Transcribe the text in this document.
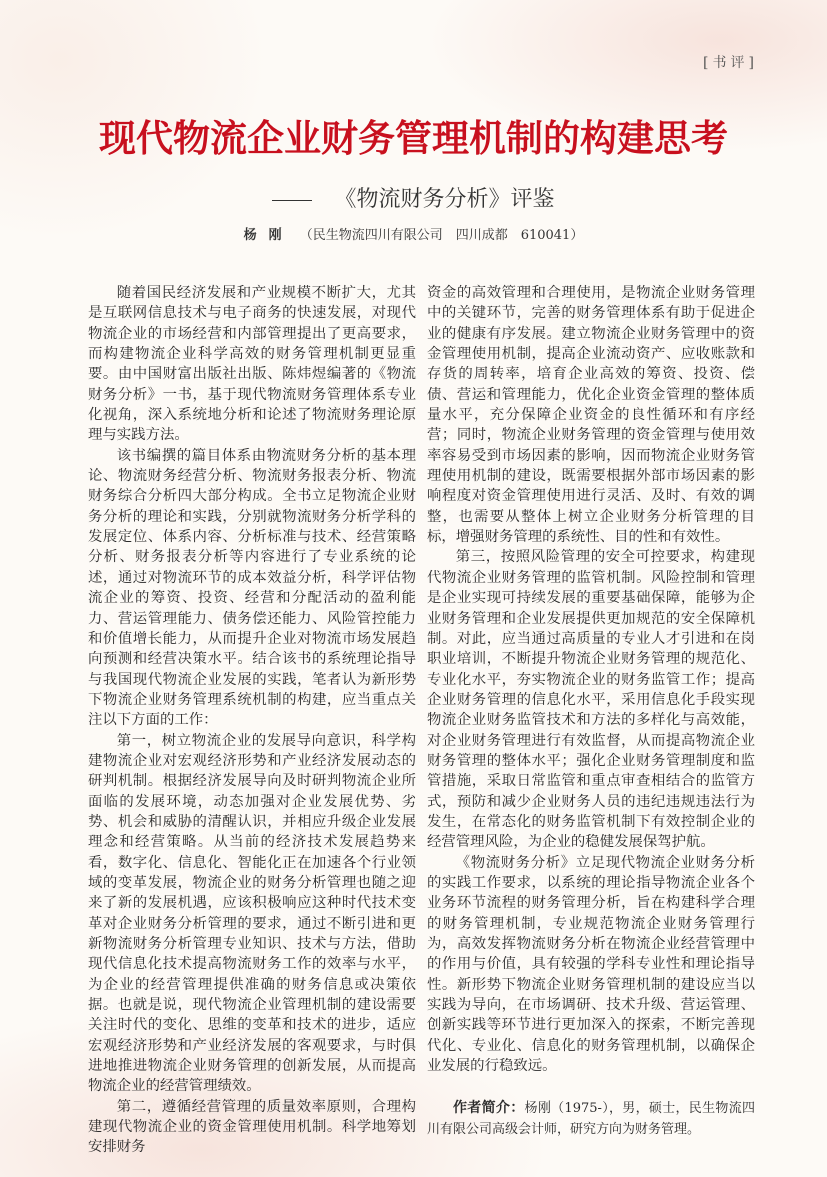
[书评]
现代物流企业财务管理机制的构建思考
《物流财务分析》评鉴
杨刚 （民生物流四川有限公司　四川成都　610041）

随着国民经济发展和产业规模不断扩大，尤其是互联网信息技术与电子商务的快速发展，对现代物流企业的市场经营和内部管理提出了更高要求，而构建物流企业科学高效的财务管理机制更显重要。由中国财富出版社出版、陈炜煜编著的《物流财务分析》一书，基于现代物流财务管理体系专业化视角，深入系统地分析和论述了物流财务理论原理与实践方法。

该书编撰的篇目体系由物流财务分析的基本理论、物流财务经营分析、物流财务报表分析、物流财务综合分析四大部分构成。全书立足物流企业财务分析的理论和实践，分别就物流财务分析学科的发展定位、体系内容、分析标准与技术、经营策略分析、财务报表分析等内容进行了专业系统的论述，通过对物流环节的成本效益分析，科学评估物流企业的筹资、投资、经营和分配活动的盈利能力、营运管理能力、债务偿还能力、风险管控能力和价值增长能力，从而提升企业对物流市场发展趋向预测和经营决策水平。结合该书的系统理论指导与我国现代物流企业发展的实践，笔者认为新形势下物流企业财务管理系统机制的构建，应当重点关注以下方面的工作：

第一，树立物流企业的发展导向意识，科学构建物流企业对宏观经济形势和产业经济发展动态的研判机制。根据经济发展导向及时研判物流企业所面临的发展环境，动态加强对企业发展优势、劣势、机会和威胁的清醒认识，并相应升级企业发展理念和经营策略。从当前的经济技术发展趋势来看，数字化、信息化、智能化正在加速各个行业领域的变革发展，物流企业的财务分析管理也随之迎来了新的发展机遇，应该积极响应这种时代技术变革对企业财务分析管理的要求，通过不断引进和更新物流财务分析管理专业知识、技术与方法，借助现代信息化技术提高物流财务工作的效率与水平，为企业的经营管理提供准确的财务信息或决策依据。也就是说，现代物流企业管理机制的建设需要关注时代的变化、思维的变革和技术的进步，适应宏观经济形势和产业经济发展的客观要求，与时俱进地推进物流企业财务管理的创新发展，从而提高物流企业的经营管理绩效。

第二，遵循经营管理的质量效率原则，合理构建现代物流企业的资金管理使用机制。科学地筹划安排财务

资金的高效管理和合理使用，是物流企业财务管理中的关键环节，完善的财务管理体系有助于促进企业的健康有序发展。建立物流企业财务管理中的资金管理使用机制，提高企业流动资产、应收账款和存货的周转率，培育企业高效的筹资、投资、偿债、营运和管理能力，优化企业资金管理的整体质量水平，充分保障企业资金的良性循环和有序经营；同时，物流企业财务管理的资金管理与使用效率容易受到市场因素的影响，因而物流企业财务管理使用机制的建设，既需要根据外部市场因素的影响程度对资金管理使用进行灵活、及时、有效的调整，也需要从整体上树立企业财务分析管理的目标，增强财务管理的系统性、目的性和有效性。

第三，按照风险管理的安全可控要求，构建现代物流企业财务管理的监管机制。风险控制和管理是企业实现可持续发展的重要基础保障，能够为企业财务管理和企业发展提供更加规范的安全保障机制。对此，应当通过高质量的专业人才引进和在岗职业培训，不断提升物流企业财务管理的规范化、专业化水平，夯实物流企业的财务监管工作；提高企业财务管理的信息化水平，采用信息化手段实现物流企业财务监管技术和方法的多样化与高效能，对企业财务管理进行有效监督，从而提高物流企业财务管理的整体水平；强化企业财务管理制度和监管措施，采取日常监管和重点审查相结合的监管方式，预防和减少企业财务人员的违纪违规违法行为发生，在常态化的财务监管机制下有效控制企业的经营管理风险，为企业的稳健发展保驾护航。

《物流财务分析》立足现代物流企业财务分析的实践工作要求，以系统的理论指导物流企业各个业务环节流程的财务管理分析，旨在构建科学合理的财务管理机制，专业规范物流企业财务管理行为，高效发挥物流财务分析在物流企业经营管理中的作用与价值，具有较强的学科专业性和理论指导性。新形势下物流企业财务管理机制的建设应当以实践为导向，在市场调研、技术升级、营运管理、创新实践等环节进行更加深入的探索，不断完善现代化、专业化、信息化的财务管理机制，以确保企业发展的行稳致远。

作者简介：杨刚（1975-），男，硕士，民生物流四川有限公司高级会计师，研究方向为财务管理。
